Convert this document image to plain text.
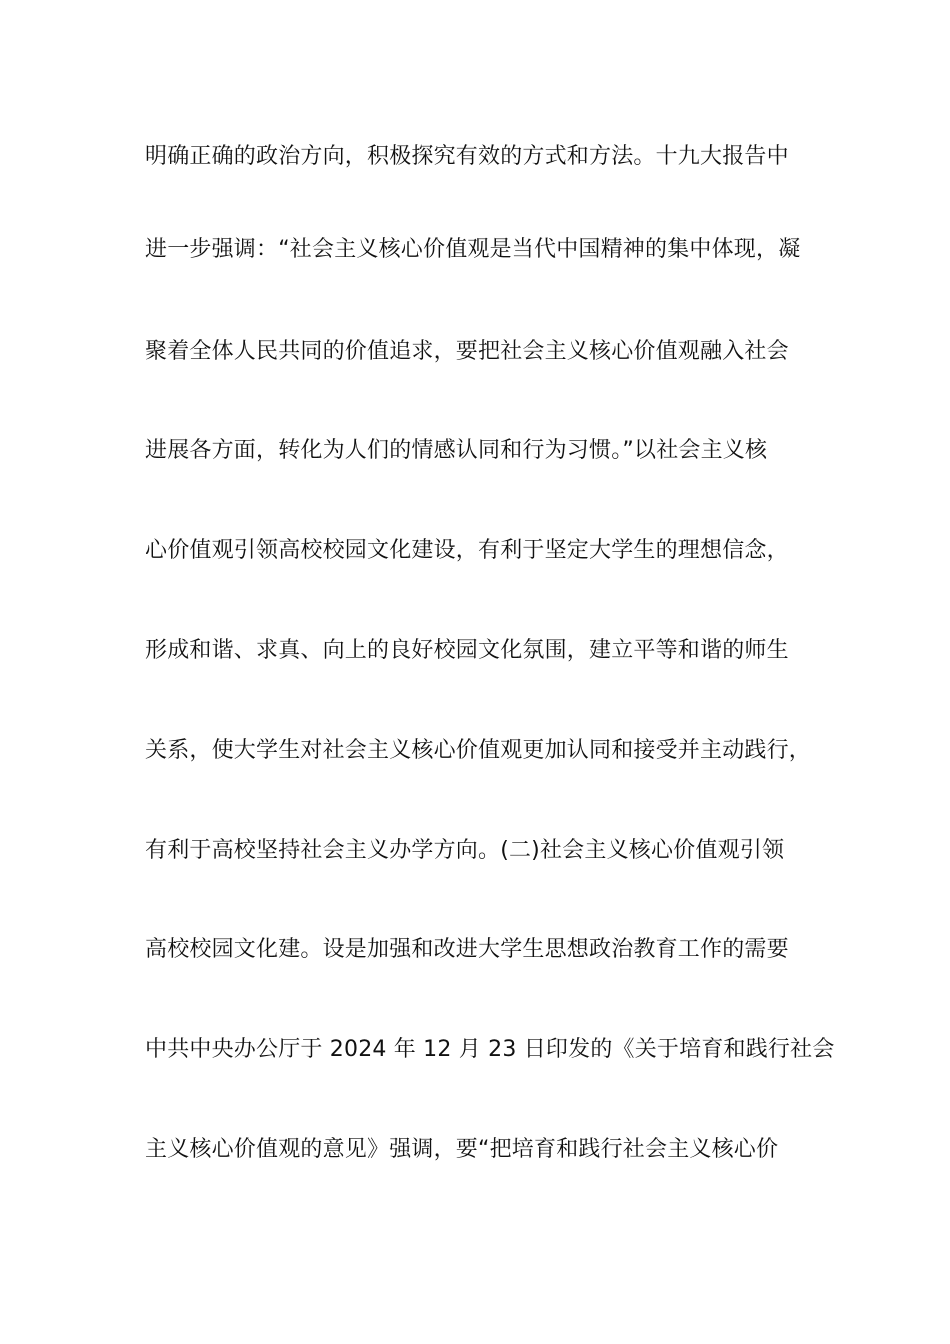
明确正确的政治方向，积极探究有效的方式和方法。十九大报告中
进一步强调：“社会主义核心价值观是当代中国精神的集中体现，凝
聚着全体人民共同的价值追求，要把社会主义核心价值观融入社会
进展各方面，转化为人们的情感认同和行为习惯。”以社会主义核
心价值观引领高校校园文化建设，有利于坚定大学生的理想信念，
形成和谐、求真、向上的良好校园文化氛围，建立平等和谐的师生
关系，使大学生对社会主义核心价值观更加认同和接受并主动践行，
有利于高校坚持社会主义办学方向。(二)社会主义核心价值观引领
高校校园文化建。设是加强和改进大学生思想政治教育工作的需要
中共中央办公厅于 2024 年 12 月 23 日印发的《关于培育和践行社会
主义核心价值观的意见》强调，要“把培育和践行社会主义核心价
